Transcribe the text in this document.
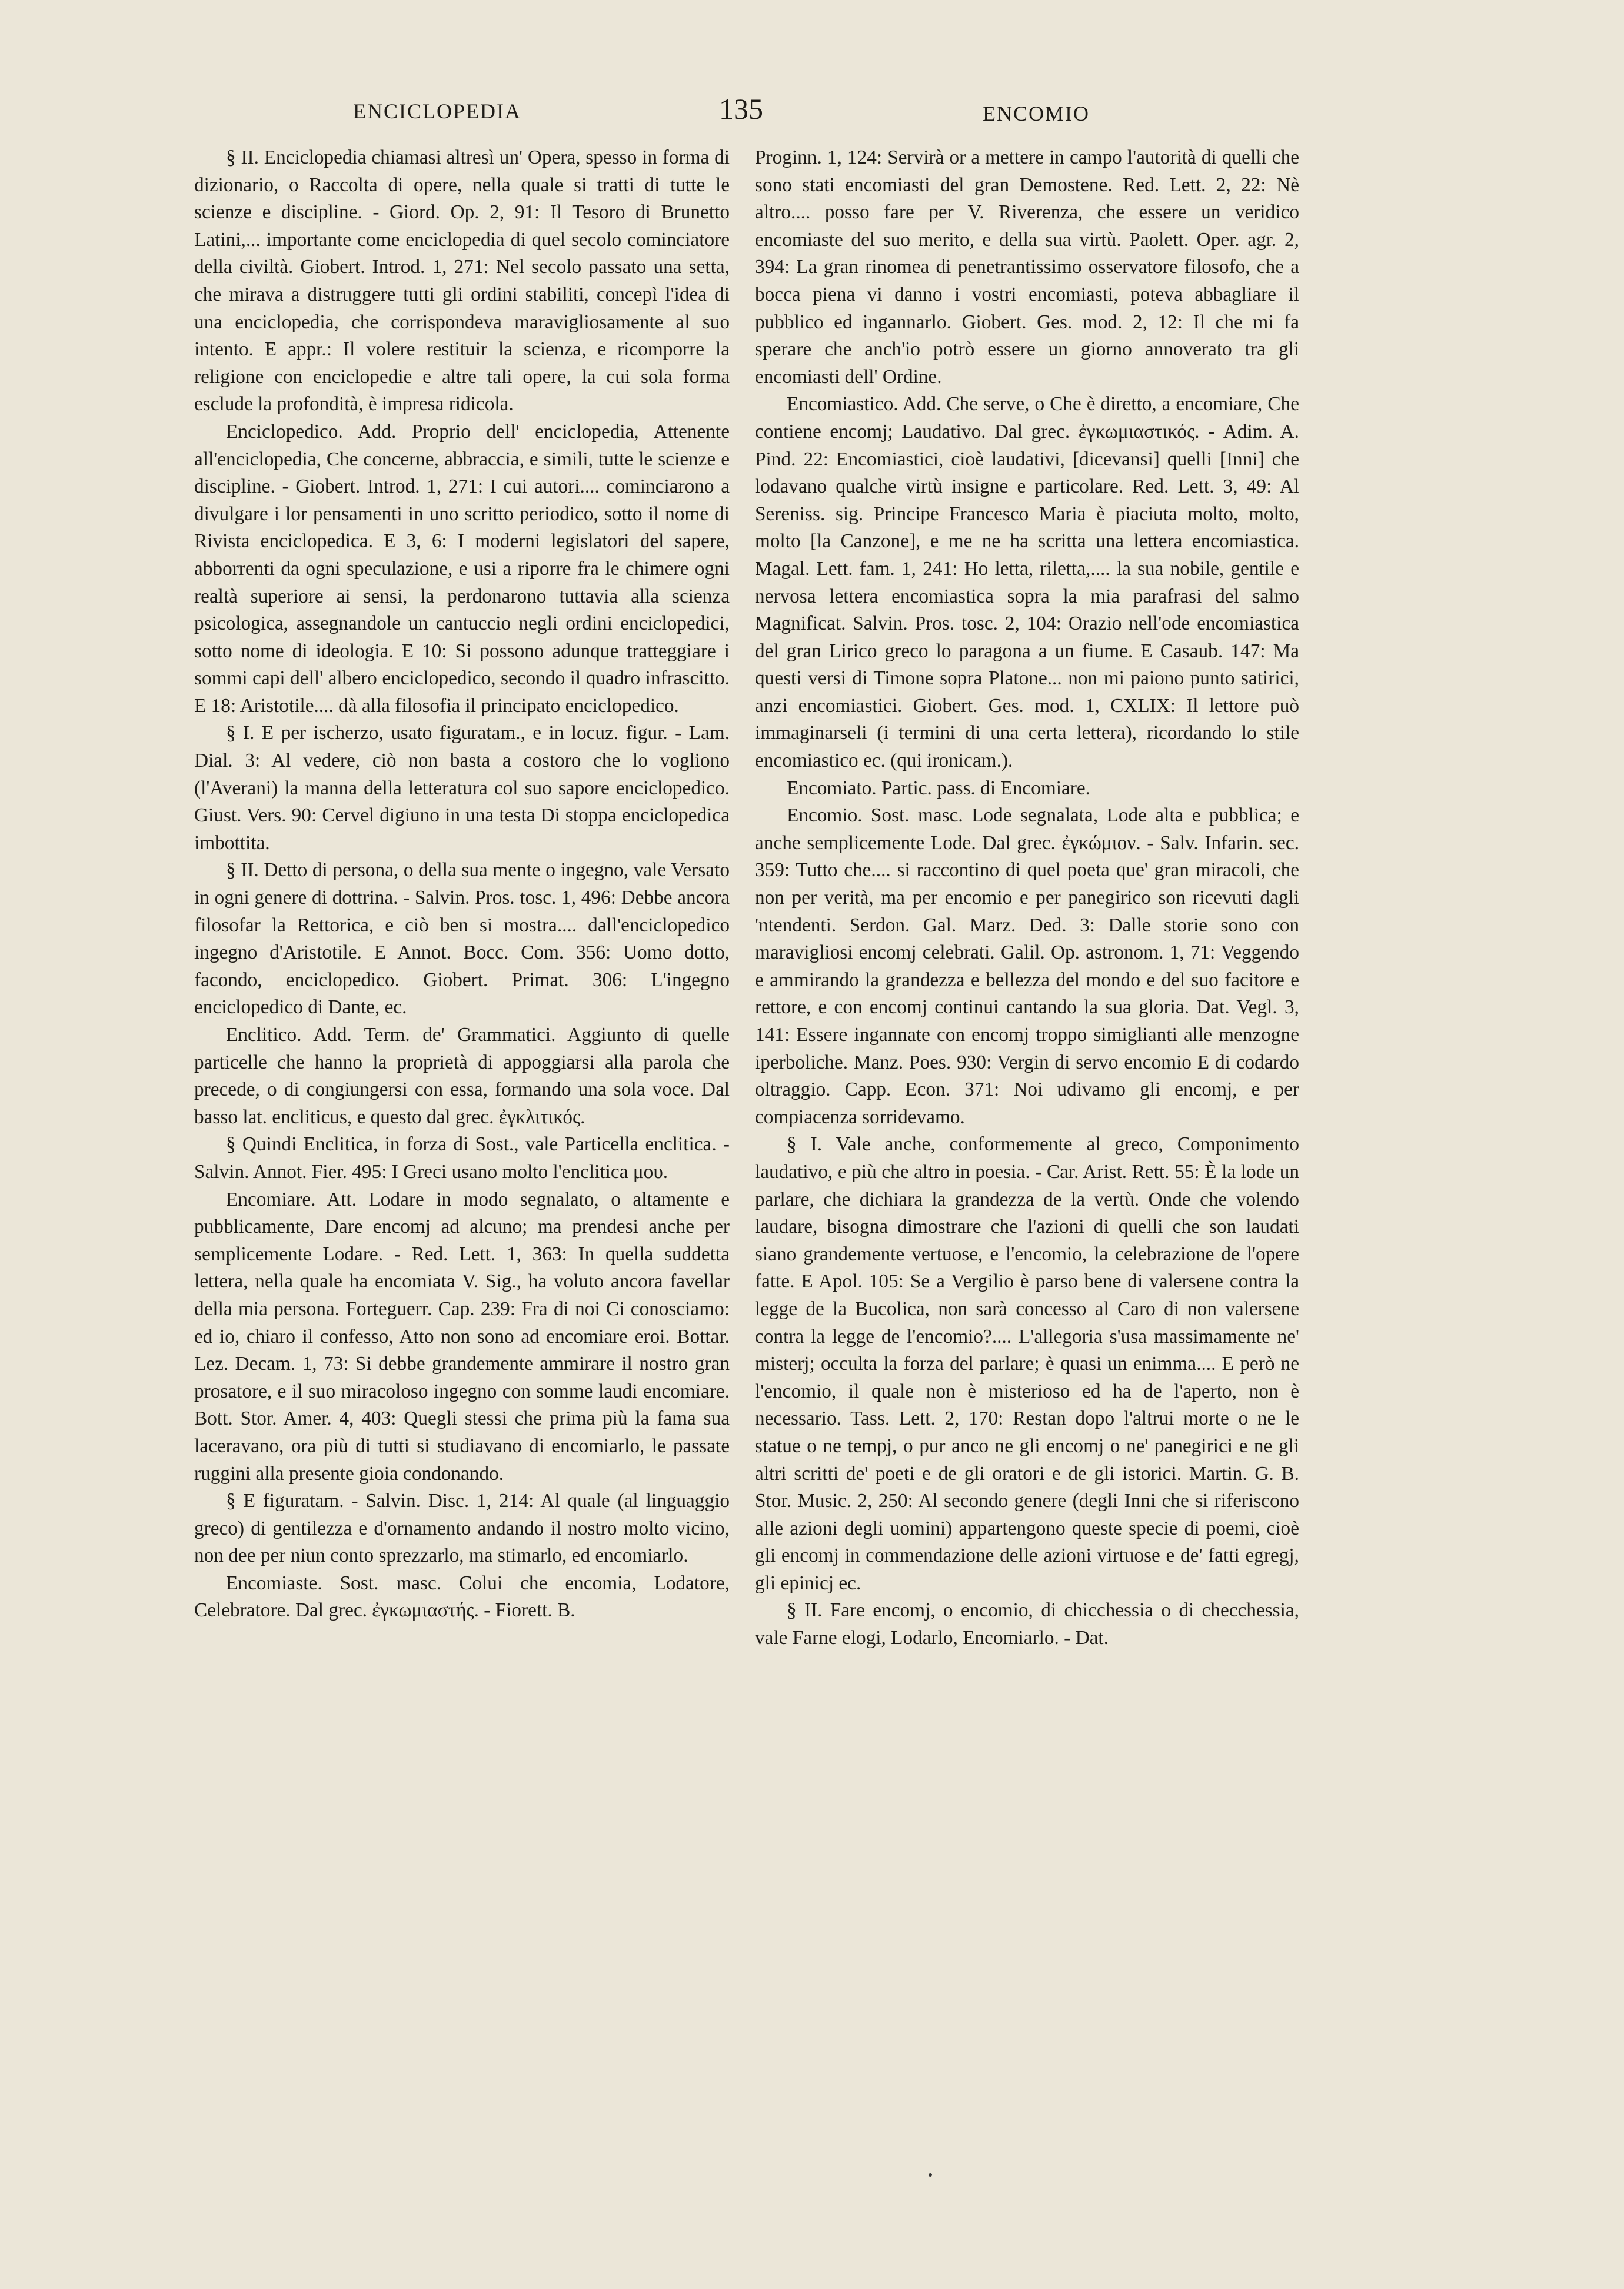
ENCICLOPEDIA	135	ENCOMIO

§ II. Enciclopedia chiamasi altresì un' Opera, spesso in forma di dizionario, o Raccolta di opere, nella quale si tratti di tutte le scienze e discipline. - Giord. Op. 2, 91: Il Tesoro di Brunetto Latini,... importante come enciclopedia di quel secolo cominciatore della civiltà. Giobert. Introd. 1, 271: Nel secolo passato una setta, che mirava a distruggere tutti gli ordini stabiliti, concepì l'idea di una enciclopedia, che corrispondeva maravigliosamente al suo intento. E appr.: Il volere restituir la scienza, e ricomporre la religione con enciclopedie e altre tali opere, la cui sola forma esclude la profondità, è impresa ridicola.

Enciclopedico. Add. Proprio dell' enciclopedia, Attenente all'enciclopedia, Che concerne, abbraccia, e simili, tutte le scienze e discipline. - Giobert. Introd. 1, 271: I cui autori.... cominciarono a divulgare i lor pensamenti in uno scritto periodico, sotto il nome di Rivista enciclopedica. E 3, 6: I moderni legislatori del sapere, abborrenti da ogni speculazione, e usi a riporre fra le chimere ogni realtà superiore ai sensi, la perdonarono tuttavia alla scienza psicologica, assegnandole un cantuccio negli ordini enciclopedici, sotto nome di ideologia. E 10: Si possono adunque tratteggiare i sommi capi dell' albero enciclopedico, secondo il quadro infrascitto. E 18: Aristotile.... dà alla filosofia il principato enciclopedico.

§ I. E per ischerzo, usato figuratam., e in locuz. figur. - Lam. Dial. 3: Al vedere, ciò non basta a costoro che lo vogliono (l'Averani) la manna della letteratura col suo sapore enciclopedico. Giust. Vers. 90: Cervel digiuno in una testa Di stoppa enciclopedica imbottita.

§ II. Detto di persona, o della sua mente o ingegno, vale Versato in ogni genere di dottrina. - Salvin. Pros. tosc. 1, 496: Debbe ancora filosofar la Rettorica, e ciò ben si mostra.... dall'enciclopedico ingegno d'Aristotile. E Annot. Bocc. Com. 356: Uomo dotto, facondo, enciclopedico. Giobert. Primat. 306: L'ingegno enciclopedico di Dante, ec.

Enclitico. Add. Term. de' Grammatici. Aggiunto di quelle particelle che hanno la proprietà di appoggiarsi alla parola che precede, o di congiungersi con essa, formando una sola voce. Dal basso lat. encliticus, e questo dal grec. ἐγκλιτικός.

§ Quindi Enclitica, in forza di Sost., vale Particella enclitica. - Salvin. Annot. Fier. 495: I Greci usano molto l'enclitica μου.

Encomiare. Att. Lodare in modo segnalato, o altamente e pubblicamente, Dare encomj ad alcuno; ma prendesi anche per semplicemente Lodare. - Red. Lett. 1, 363: In quella suddetta lettera, nella quale ha encomiata V. Sig., ha voluto ancora favellar della mia persona. Forteguerr. Cap. 239: Fra di noi Ci conosciamo: ed io, chiaro il confesso, Atto non sono ad encomiare eroi. Bottar. Lez. Decam. 1, 73: Si debbe grandemente ammirare il nostro gran prosatore, e il suo miracoloso ingegno con somme laudi encomiare. Bott. Stor. Amer. 4, 403: Quegli stessi che prima più la fama sua laceravano, ora più di tutti si studiavano di encomiarlo, le passate ruggini alla presente gioia condonando.

§ E figuratam. - Salvin. Disc. 1, 214: Al quale (al linguaggio greco) di gentilezza e d'ornamento andando il nostro molto vicino, non dee per niun conto sprezzarlo, ma stimarlo, ed encomiarlo.

Encomiaste. Sost. masc. Colui che encomia, Lodatore, Celebratore. Dal grec. ἐγκωμιαστής. - Fiorett. B.

Proginn. 1, 124: Servirà or a mettere in campo l'autorità di quelli che sono stati encomiasti del gran Demostene. Red. Lett. 2, 22: Nè altro.... posso fare per V. Riverenza, che essere un veridico encomiaste del suo merito, e della sua virtù. Paolett. Oper. agr. 2, 394: La gran rinomea di penetrantissimo osservatore filosofo, che a bocca piena vi danno i vostri encomiasti, poteva abbagliare il pubblico ed ingannarlo. Giobert. Ges. mod. 2, 12: Il che mi fa sperare che anch'io potrò essere un giorno annoverato tra gli encomiasti dell' Ordine.

Encomiastico. Add. Che serve, o Che è diretto, a encomiare, Che contiene encomj; Laudativo. Dal grec. ἐγκωμιαστικός. - Adim. A. Pind. 22: Encomiastici, cioè laudativi, [dicevansi] quelli [Inni] che lodavano qualche virtù insigne e particolare. Red. Lett. 3, 49: Al Sereniss. sig. Principe Francesco Maria è piaciuta molto, molto, molto [la Canzone], e me ne ha scritta una lettera encomiastica. Magal. Lett. fam. 1, 241: Ho letta, riletta,.... la sua nobile, gentile e nervosa lettera encomiastica sopra la mia parafrasi del salmo Magnificat. Salvin. Pros. tosc. 2, 104: Orazio nell'ode encomiastica del gran Lirico greco lo paragona a un fiume. E Casaub. 147: Ma questi versi di Timone sopra Platone... non mi paiono punto satirici, anzi encomiastici. Giobert. Ges. mod. 1, CXLIX: Il lettore può immaginarseli (i termini di una certa lettera), ricordando lo stile encomiastico ec. (qui ironicam.).

Encomiato. Partic. pass. di Encomiare.

Encomio. Sost. masc. Lode segnalata, Lode alta e pubblica; e anche semplicemente Lode. Dal grec. ἐγκώμιον. - Salv. Infarin. sec. 359: Tutto che.... si raccontino di quel poeta que' gran miracoli, che non per verità, ma per encomio e per panegirico son ricevuti dagli 'ntendenti. Serdon. Gal. Marz. Ded. 3: Dalle storie sono con maravigliosi encomj celebrati. Galil. Op. astronom. 1, 71: Veggendo e ammirando la grandezza e bellezza del mondo e del suo facitore e rettore, e con encomj continui cantando la sua gloria. Dat. Vegl. 3, 141: Essere ingannate con encomj troppo simiglianti alle menzogne iperboliche. Manz. Poes. 930: Vergin di servo encomio E di codardo oltraggio. Capp. Econ. 371: Noi udivamo gli encomj, e per compiacenza sorridevamo.

§ I. Vale anche, conformemente al greco, Componimento laudativo, e più che altro in poesia. - Car. Arist. Rett. 55: È la lode un parlare, che dichiara la grandezza de la vertù. Onde che volendo laudare, bisogna dimostrare che l'azioni di quelli che son laudati siano grandemente vertuose, e l'encomio, la celebrazione de l'opere fatte. E Apol. 105: Se a Vergilio è parso bene di valersene contra la legge de la Bucolica, non sarà concesso al Caro di non valersene contra la legge de l'encomio?.... L'allegoria s'usa massimamente ne' misterj; occulta la forza del parlare; è quasi un enimma.... E però ne l'encomio, il quale non è misterioso ed ha de l'aperto, non è necessario. Tass. Lett. 2, 170: Restan dopo l'altrui morte o ne le statue o ne tempj, o pur anco ne gli encomj o ne' panegirici e ne gli altri scritti de' poeti e de gli oratori e de gli istorici. Martin. G. B. Stor. Music. 2, 250: Al secondo genere (degli Inni che si riferiscono alle azioni degli uomini) appartengono queste specie di poemi, cioè gli encomj in commendazione delle azioni virtuose e de' fatti egregj, gli epinicj ec.

§ II. Fare encomj, o encomio, di chicchessia o di checchessia, vale Farne elogi, Lodarlo, Encomiarlo. - Dat.
